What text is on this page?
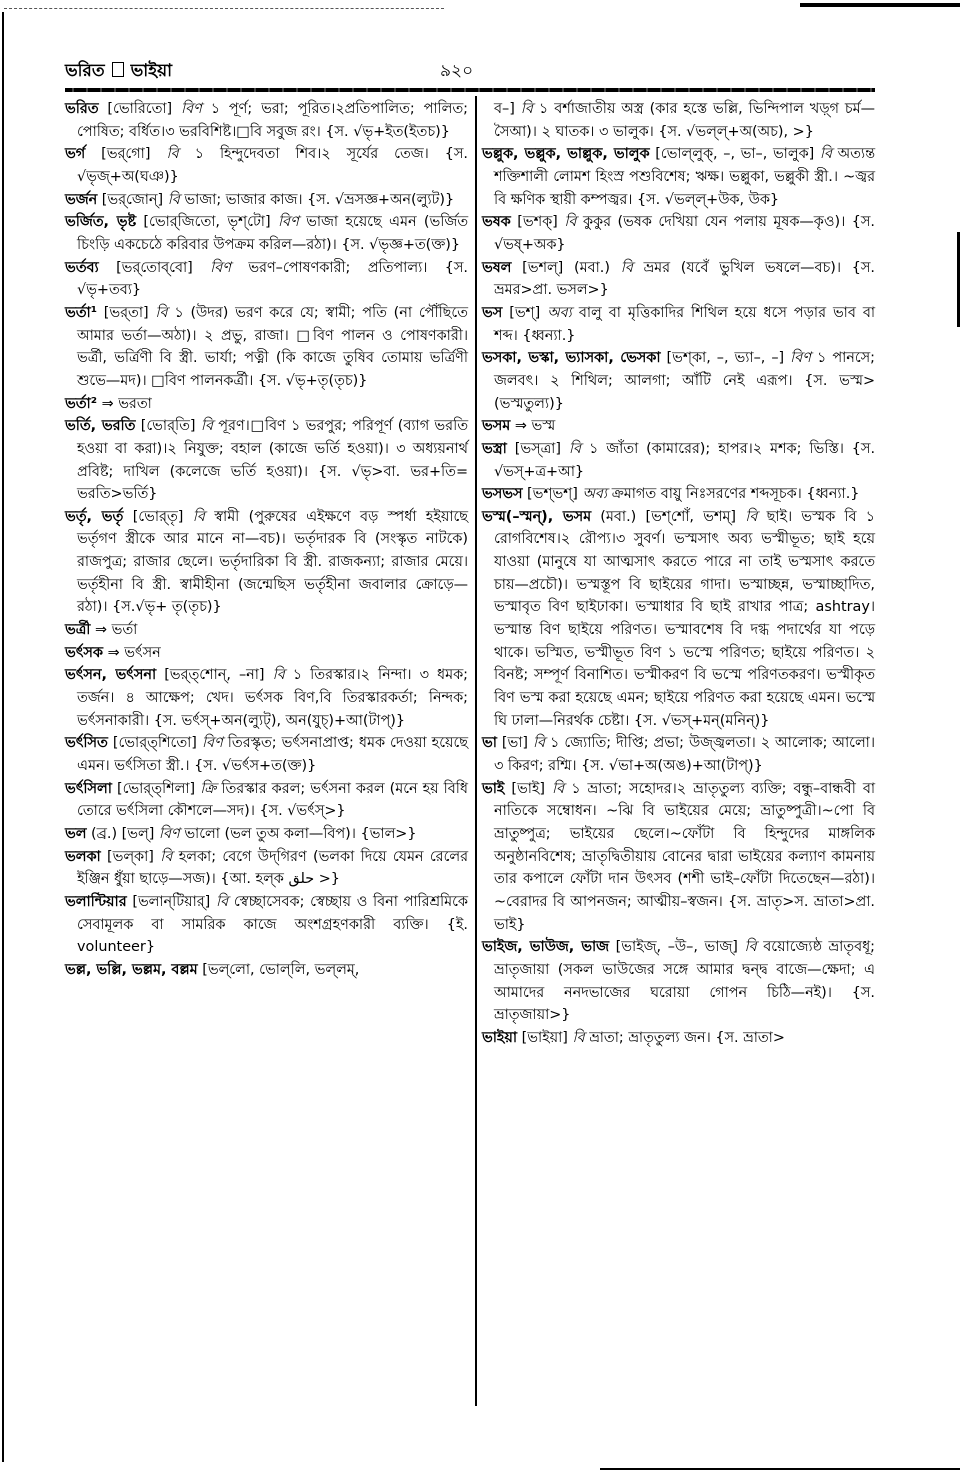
ভরিত ভাইয়া	৯২০

ভরিত [ভোরিতো] বিণ ১ পূর্ণ; ভরা; পূরিত।২প্রতিপালিত; পালিত; পোষিত; বর্ধিত।৩ ভরবিশিষ্ট।□বি সবুজ রং। {স. √ভৃ+ইত(ইতচ)}

ভর্গ [ভর্‌গো] বি ১ হিন্দুদেবতা শিব।২ সূর্যের তেজ। {স. √ভৃজ্‌+অ(ঘঞ)}

ভর্জন [ভর্‌জোন্‌] বি ভাজা; ভাজার কাজ। {স. √ভ্রসজ্ঞ+অন(ল্যুট)}

ভর্জিত, ভৃষ্ট [ভোর্‌জিতো, ভৃশ্‌টো] বিণ ভাজা হয়েছে এমন (ভর্জিত চিংড়ি একচেঠে করিবার উপক্রম করিল—রঠা)। {স. √ভৃজ্ঞ+ত(ক্ত)}

ভর্তব্য [ভর্‌তোব্‌বো] বিণ ভরণ–পোষণকারী; প্রতিপাল্য। {স. √ভৃ+তব্য}

ভর্তা¹ [ভর্‌তা] বি ১ (উদর) ভরণ করে যে; স্বামী; পতি (না পৌঁছিতে আমার ভর্তা—অঠা)। ২ প্রভু, রাজা। □বিণ পালন ও পোষণকারী। ভর্ত্রী, ভর্ত্রিণী বি স্ত্রী. ভার্যা; পত্নী (কি কাজে তুষিব তোমায় ভর্ত্রিণী শুভে—মদ)। □বিণ পালনকর্ত্রী। {স. √ভৃ+তৃ(তৃচ)}

ভর্তা² ⇒ ভরতা

ভর্তি, ভরতি [ভোর্‌তি] বি পূরণ।□বিণ ১ ভরপুর; পরিপূর্ণ (ব্যাগ ভরতি হওয়া বা করা)।২ নিযুক্ত; বহাল (কাজে ভর্তি হওয়া)। ৩ অধ্যয়নার্থ প্রবিষ্ট; দাখিল (কলেজে ভর্তি হওয়া)। {স. √ভৃ>বা. ভর+তি= ভরতি>ভর্তি}

ভর্তৃ, ভর্তৃ [ভোর্‌তৃ] বি স্বামী (পুরুষের এইক্ষণে বড় স্পর্ধা হইয়াছে ভর্তৃগণ স্ত্রীকে আর মানে না—বচ)। ভর্তৃদারক বি (সংস্কৃত নাটকে) রাজপুত্র; রাজার ছেলে। ভর্তৃদারিকা বি স্ত্রী. রাজকন্যা; রাজার মেয়ে। ভর্তৃহীনা বি স্ত্রী. স্বামীহীনা (জন্মেছিস ভর্তৃহীনা জবালার ক্রোড়ে—রঠা)। {স.√ভৃ+ তৃ(তৃচ)}

ভর্ত্রী ⇒ ভর্তা

ভর্ৎসক ⇒ ভর্ৎসন

ভর্ৎসন, ভর্ৎসনা [ভর্‌ত্‌শোন্‌, –না] বি ১ তিরস্কার।২ নিন্দা। ৩ ধমক; তর্জন। ৪ আক্ষেপ; খেদ। ভর্ৎসক বিণ,বি তিরস্কারকর্তা; নিন্দক; ভর্ৎসনাকারী। {স. ভর্ৎস্‌+অন(ল্যুট্‌), অন(যুচ্‌)+আ(টাপ্‌)}

ভর্ৎসিত [ভোর্‌ত্‌শিতো] বিণ তিরস্কৃত; ভর্ৎসনাপ্রাপ্ত; ধমক দেওয়া হয়েছে এমন। ভর্ৎসিতা স্ত্রী.। {স. √ভর্ৎস+ত(ক্ত)}

ভর্ৎসিলা [ভোর্‌ত্‌শিলা] ক্রি তিরস্কার করল; ভর্ৎসনা করল (মনে হয় বিধি তোরে ভর্ৎসিলা কৌশলে—সদ)। {স. √ভর্ৎস্‌>}

ভল (ব্র.) [ভল্‌] বিণ ভালো (ভল তুঅ কলা—বিপ)। {ভাল>}

ভলকা [ভল্‌কা] বি হলকা; বেগে উদ্‌গিরণ (ভলকা দিয়ে যেমন রেলের ইঞ্জিন ধুঁয়া ছাড়ে—সজ)। {আ. হল্‌ক حلق >}

ভলান্টিয়ার [ভলান্‌টিয়ার্‌] বি স্বেচ্ছাসেবক; স্বেচ্ছায় ও বিনা পারিশ্রমিকে সেবামূলক বা সামরিক কাজে অংশগ্রহণকারী ব্যক্তি। {ই. volunteer}

ভল্ল, ভল্লি, ভল্লম, বল্লম [ভল্‌লো, ভোল্‌লি, ভল্‌লম্‌,

ব–] বি ১ বর্শাজাতীয় অস্ত্র (কার হস্তে ভল্লি, ভিন্দিপাল খড়্‌গ চর্ম—সৈআ)। ২ ঘাতক। ৩ ভালুক। {স. √ভল্ল্‌+অ(অচ), >}

ভল্লুক, ভল্লুক, ভাল্লুক, ভালুক [ভোল্‌লুক্‌, –, ভা–, ভালুক] বি অত্যন্ত শক্তিশালী লোমশ হিংস্র পশুবিশেষ; ঋক্ষ। ভল্লুকা, ভল্লুকী স্ত্রী.। ~জ্বর বি ক্ষণিক স্থায়ী কম্পজ্বর। {স. √ভল্ল্‌+উক, উক}

ভষক [ভশক্‌] বি কুকুর (ভষক দেখিয়া যেন পলায় মূষক—কৃও)। {স. √ভষ্‌+অক}

ভষল [ভশল্‌] (মবা.) বি ভ্রমর (যবেঁ ভুখিল ভষলে—বচ)। {স. ভ্রমর>প্রা. ভসল>}

ভস [ভশ্‌] অব্য বালু বা মৃত্তিকাদির শিথিল হয়ে ধসে পড়ার ভাব বা শব্দ। {ধ্বন্যা.}

ভসকা, ভস্কা, ভ্যাসকা, ভেসকা [ভশ্‌কা, –, ভ্যা–, –] বিণ ১ পানসে; জলবৎ। ২ শিথিল; আলগা; আঁটি নেই এরূপ। {স. ভস্ম>(ভস্মতুল্য)}

ভসম ⇒ ভস্ম

ভস্ত্রা [ভস্‌ত্রা] বি ১ জাঁতা (কামারের); হাপর।২ মশক; ভিস্তি। {স. √ভস্‌+ত্র+আ}

ভসভস [ভশ্‌ভশ্‌] অব্য ক্রমাগত বায়ু নিঃসরণের শব্দসূচক। {ধ্বন্যা.}

ভস্ম(–স্মন্‌), ভসম (মবা.) [ভশ্‌শোঁ, ভশম্‌] বি ছাই। ভস্মক বি ১ রোগবিশেষ।২ রৌপ্য।৩ সুবর্ণ। ভস্মসাৎ অব্য ভস্মীভূত; ছাই হয়ে যাওয়া (মানুষে যা আত্মসাৎ করতে পারে না তাই ভস্মসাৎ করতে চায়—প্রচৌ)। ভস্মস্তূপ বি ছাইয়ের গাদা। ভস্মাচ্ছন্ন, ভস্মাচ্ছাদিত, ভস্মাবৃত বিণ ছাইঢাকা। ভস্মাধার বি ছাই রাখার পাত্র; ashtray। ভস্মান্ত বিণ ছাইয়ে পরিণত। ভস্মাবশেষ বি দগ্ধ পদার্থের যা পড়ে থাকে। ভস্মিত, ভস্মীভূত বিণ ১ ভস্মে পরিণত; ছাইয়ে পরিণত। ২ বিনষ্ট; সম্পূর্ণ বিনাশিত। ভস্মীকরণ বি ভস্মে পরিণতকরণ। ভস্মীকৃত বিণ ভস্ম করা হয়েছে এমন; ছাইয়ে পরিণত করা হয়েছে এমন। ভস্মে ঘি ঢালা—নিরর্থক চেষ্টা। {স. √ভস্‌+মন্‌(মনিন্‌)}

ভা [ভা] বি ১ জ্যোতি; দীপ্তি; প্রভা; উজ্জ্বলতা। ২ আলোক; আলো।৩ কিরণ; রশ্মি। {স. √ভা+অ(অঙ)+আ(টাপ্‌)}

ভাই [ভাই] বি ১ ভ্রাতা; সহোদর।২ ভ্রাতৃতুল্য ব্যক্তি; বন্ধু–বান্ধবী বা নাতিকে সম্বোধন। ~ঝি বি ভাইয়ের মেয়ে; ভ্রাতুষ্পুত্রী।~পো বি ভ্রাতুষ্পুত্র; ভাইয়ের ছেলে।~ফোঁটা বি হিন্দুদের মাঙ্গলিক অনুষ্ঠানবিশেষ; ভ্রাতৃদ্বিতীয়ায় বোনের দ্বারা ভাইয়ের কল্যাণ কামনায় তার কপালে ফোঁটা দান উৎসব (শশী ভাই–ফোঁটা দিতেছেন—রঠা)। ~বেরাদর বি আপনজন; আত্মীয়–স্বজন। {স. ভ্রাতৃ>স. ভ্রাতা>প্রা. ভাই}

ভাইজ, ভাউজ, ভাজ [ভাইজ্‌, –উ–, ভাজ্‌] বি বয়োজ্যেষ্ঠ ভ্রাতৃবধূ; ভ্রাতৃজায়া (সকল ভাউজের সঙ্গে আমার দ্বন্দ্ব বাজে—ক্ষেদা; এ আমাদের ননদভাজের ঘরোয়া গোপন চিঠি—নই)। {স. ভ্রাতৃজায়া>}

ভাইয়া [ভাইয়া] বি ভ্রাতা; ভ্রাতৃতুল্য জন। {স. ভ্রাতা>
